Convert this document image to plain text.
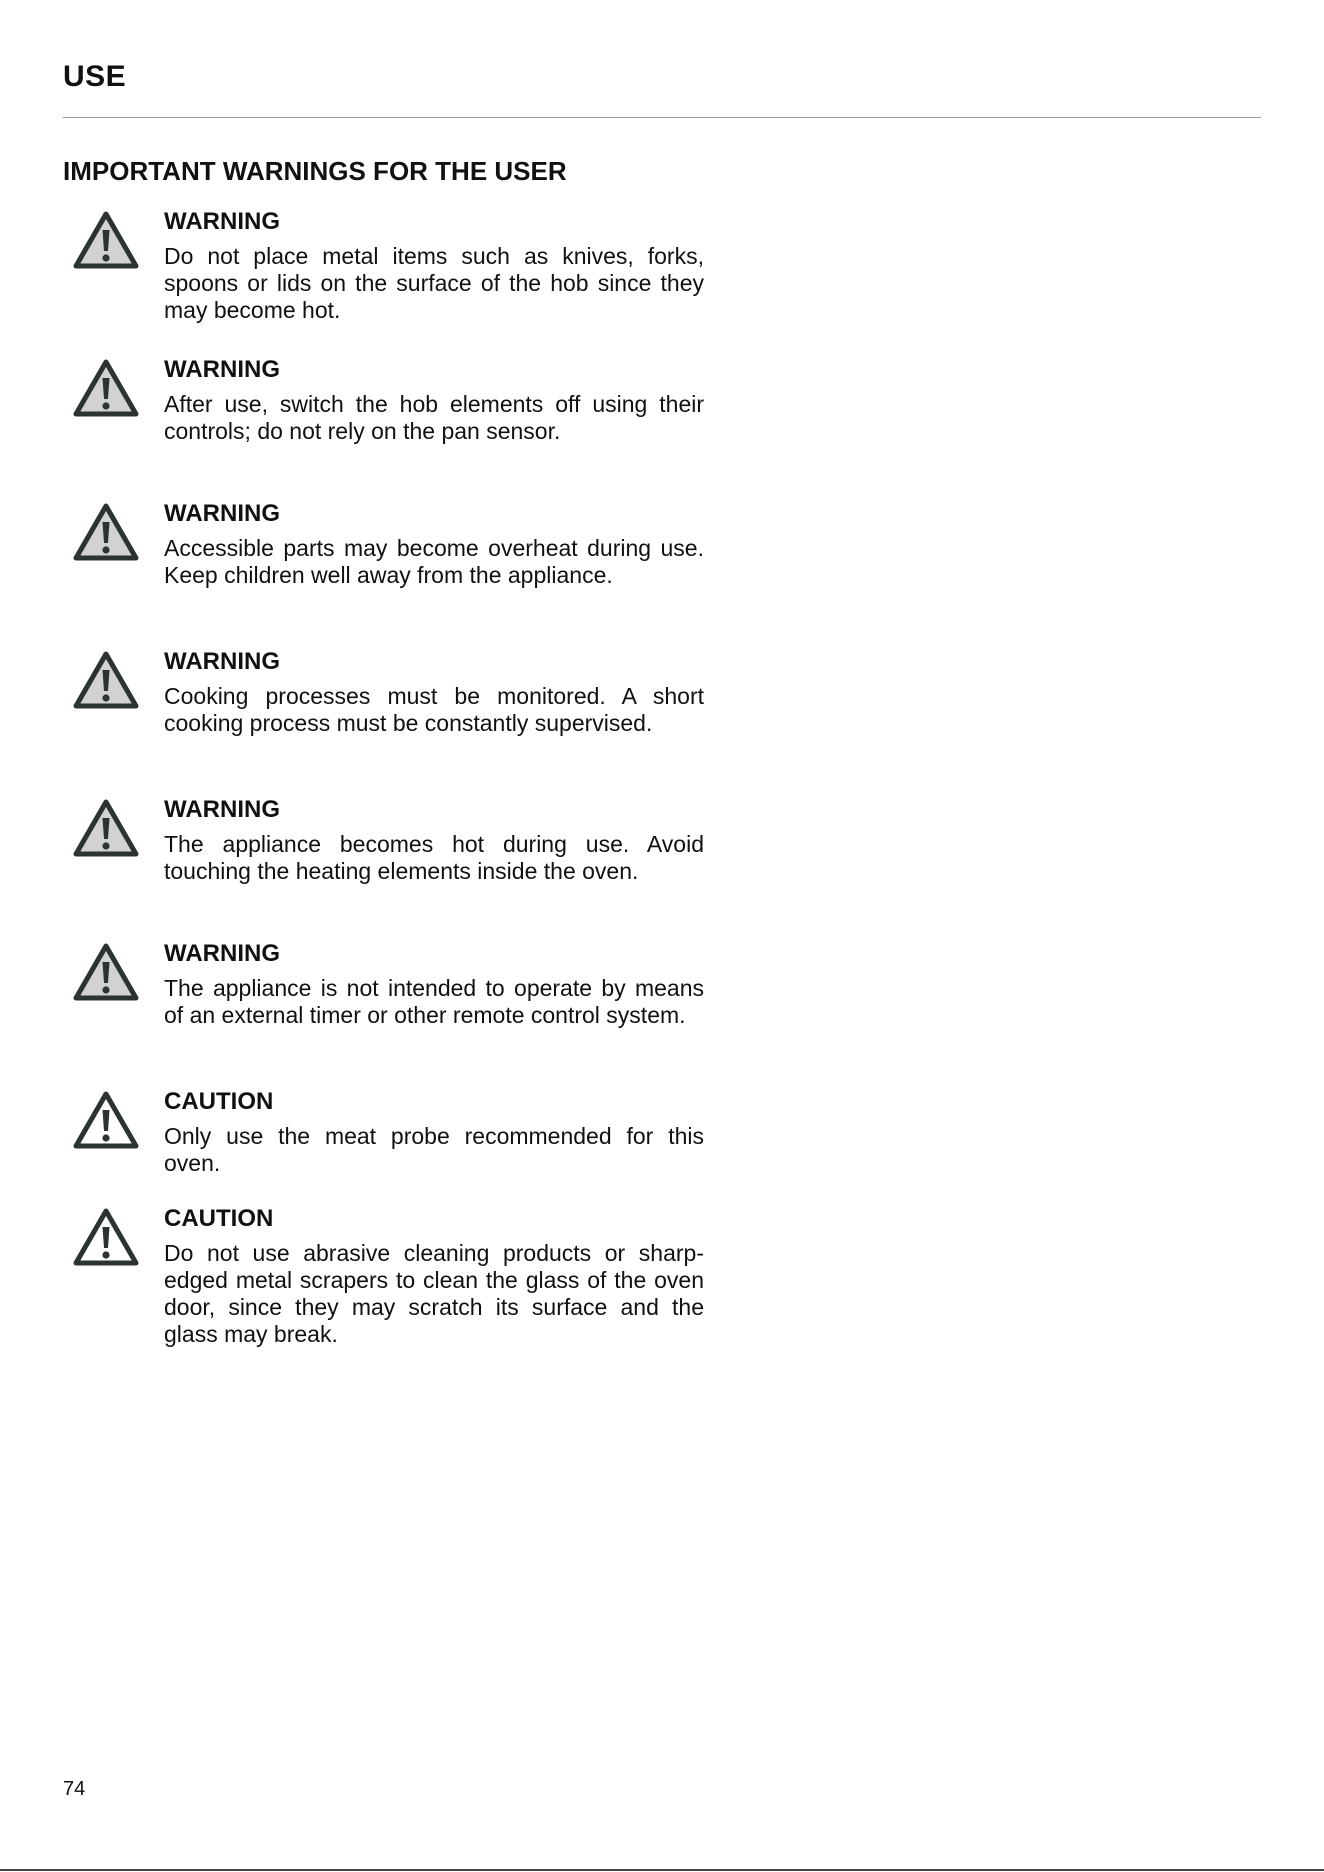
USE
IMPORTANT WARNINGS FOR THE USER
WARNING

Do not place metal items such as knives, forks, spoons or lids on the surface of the hob since they may become hot.

WARNING

After use, switch the hob elements off using their controls; do not rely on the pan sensor.

WARNING

Accessible parts may become overheat during use. Keep children well away from the appliance.

WARNING

Cooking processes must be monitored. A short cooking process must be constantly supervised.

WARNING

The appliance becomes hot during use. Avoid touching the heating elements inside the oven.

WARNING

The appliance is not intended to operate by means of an external timer or other remote control system.

CAUTION

Only use the meat probe recommended for this oven.

CAUTION

Do not use abrasive cleaning products or sharp-edged metal scrapers to clean the glass of the oven door, since they may scratch its surface and the glass may break.

74
